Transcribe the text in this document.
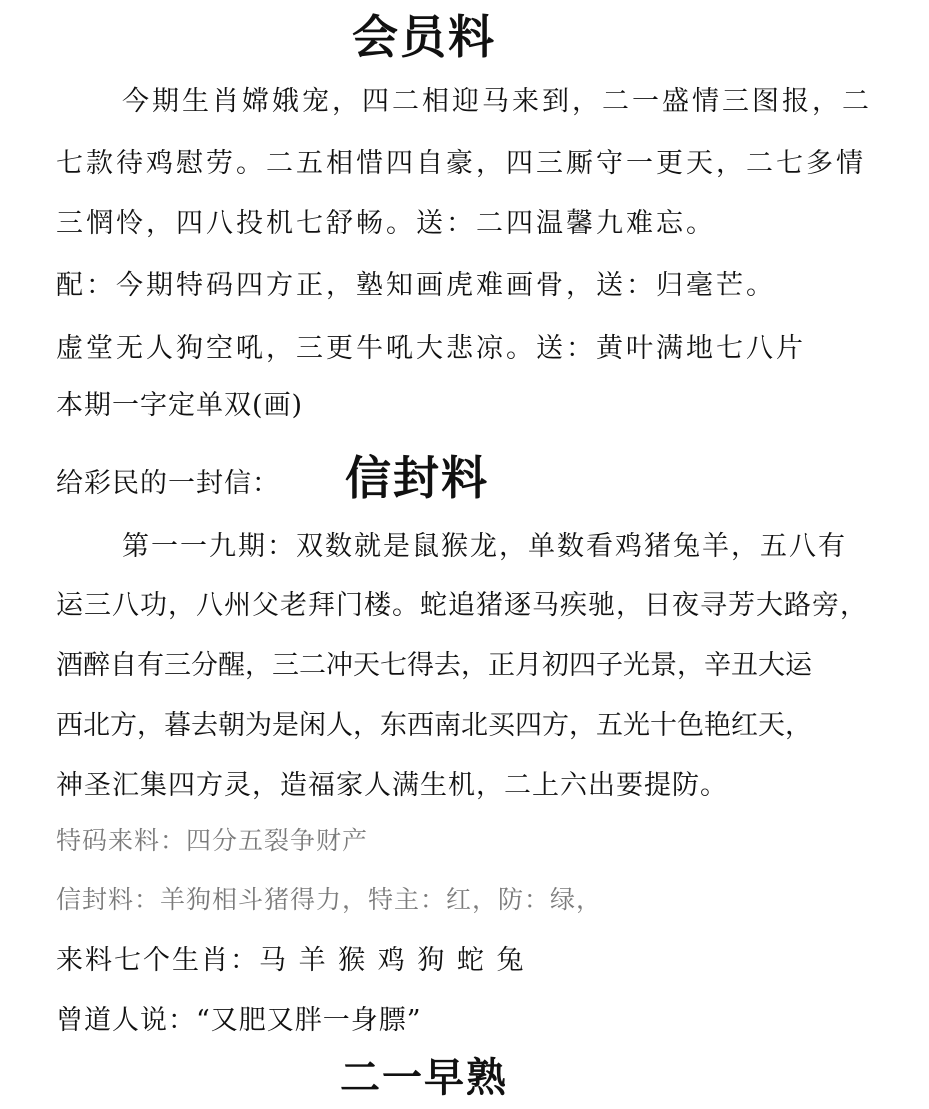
会员料
今期生肖嫦娥宠，四二相迎马来到，二一盛情三图报，二
七款待鸡慰劳。二五相惜四自豪，四三厮守一更天，二七多情
三惘怜，四八投机七舒畅。送：二四温馨九难忘。
配：今期特码四方正，塾知画虎难画骨，送：归毫芒。
虚堂无人狗空吼，三更牛吼大悲凉。送：黄叶满地七八片
本期一字定单双(画)
给彩民的一封信： 信封料
第一一九期：双数就是鼠猴龙，单数看鸡猪兔羊，五八有
运三八功，八州父老拜门楼。蛇追猪逐马疾驰，日夜寻芳大路旁，
酒醉自有三分醒，三二冲天七得去，正月初四子光景，辛丑大运
西北方，暮去朝为是闲人，东西南北买四方，五光十色艳红天，
神圣汇集四方灵，造福家人满生机，二上六出要提防。
特码来料：四分五裂争财产
信封料：羊狗相斗猪得力，特主：红，防：绿，
来料七个生肖：马 羊 猴 鸡 狗 蛇 兔
曾道人说：“又肥又胖一身膘”
二一早熟
